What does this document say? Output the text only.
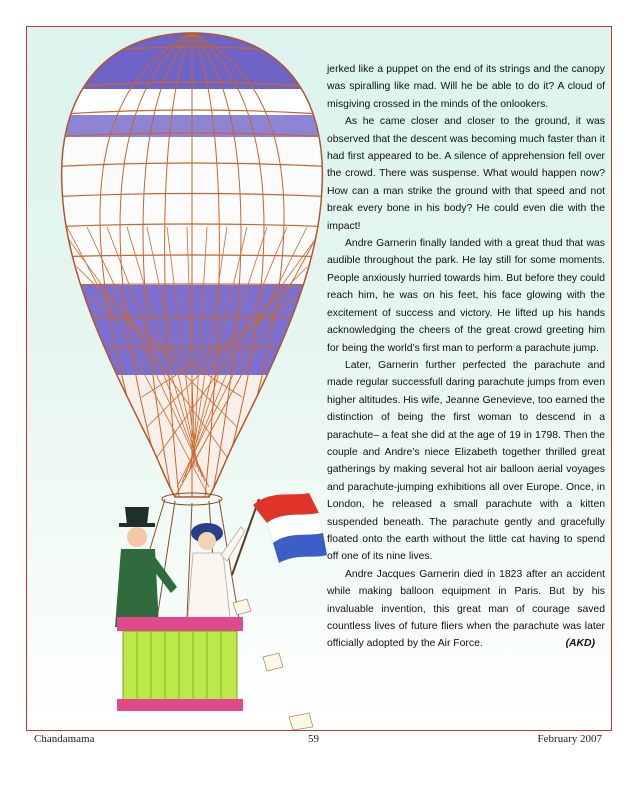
jerked like a puppet on the end of its strings and the canopy was spiralling like mad. Will he be able to do it? A cloud of misgiving crossed in the minds of the onlookers.

As he came closer and closer to the ground, it was observed that the descent was becoming much faster than it had first appeared to be. A silence of apprehension fell over the crowd. There was suspense. What would happen now? How can a man strike the ground with that speed and not break every bone in his body? He could even die with the impact!

Andre Garnerin finally landed with a great thud that was audible throughout the park. He lay still for some moments. People anxiously hurried towards him. But before they could reach him, he was on his feet, his face glowing with the excitement of success and victory. He lifted up his hands acknowledging the cheers of the great crowd greeting him for being the world’s first man to perform a parachute jump.

Later, Garnerin further perfected the parachute and made regular successfull daring parachute jumps from even higher altitudes. His wife, Jeanne Genevieve, too earned the distinction of being the first woman to descend in a parachute– a feat she did at the age of 19 in 1798. Then the couple and Andre’s niece Elizabeth together thrilled great gatherings by making several hot air balloon aerial voyages and parachute-jumping exhibitions all over Europe. Once, in London, he released a small parachute with a kitten suspended beneath. The parachute gently and gracefully floated onto the earth without the little cat having to spend off one of its nine lives.

Andre Jacques Garnerin died in 1823 after an accident while making balloon equipment in Paris. But by his invaluable invention, this great man of courage saved countless lives of future fliers when the parachute was later officially adopted by the Air Force.	(AKD)

Chandamama	59	February 2007
